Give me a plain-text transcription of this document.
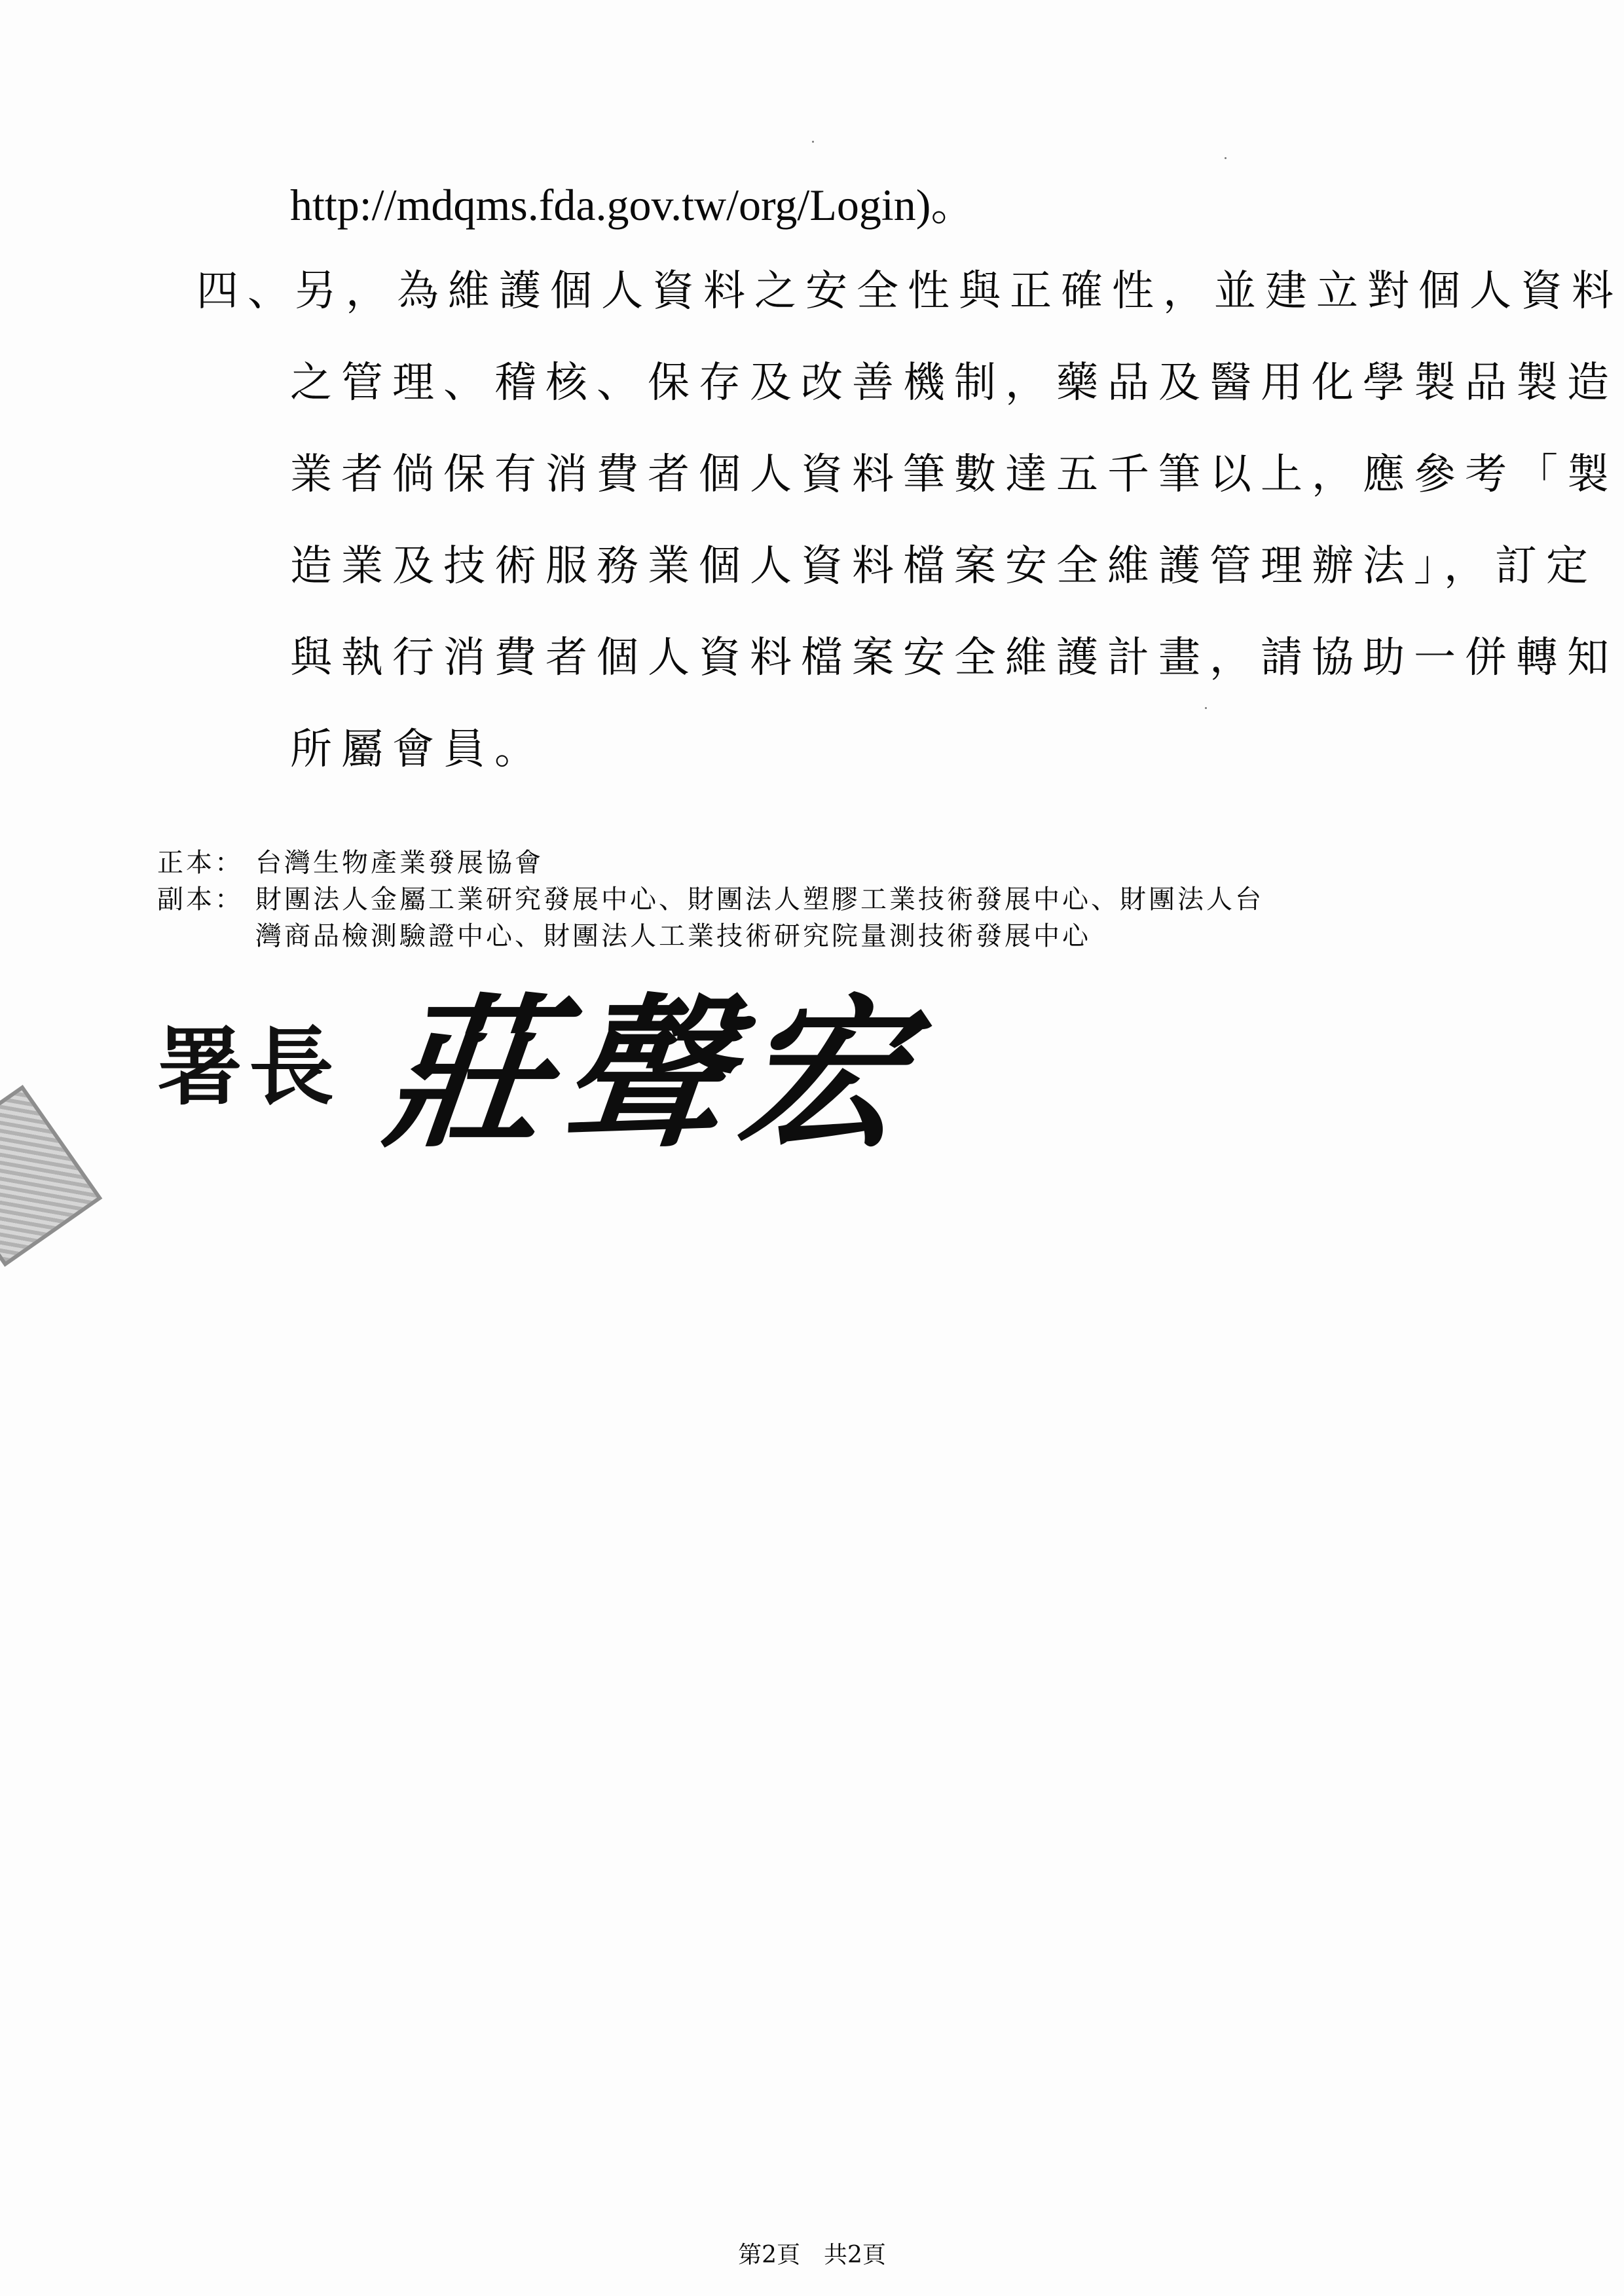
http://mdqms.fda.gov.tw/org/Login)。
四、
另，為維護個人資料之安全性與正確性，並建立對個人資料
之管理、稽核、保存及改善機制，藥品及醫用化學製品製造
業者倘保有消費者個人資料筆數達五千筆以上，應參考「製
造業及技術服務業個人資料檔案安全維護管理辦法」，訂定
與執行消費者個人資料檔案安全維護計畫，請協助一併轉知
所屬會員。
正本： 台灣生物產業發展協會
副本： 財團法人金屬工業研究發展中心、財團法人塑膠工業技術發展中心、財團法人台
灣商品檢測驗證中心、財團法人工業技術研究院量測技術發展中心
署長 莊聲宏
第2頁　共2頁
